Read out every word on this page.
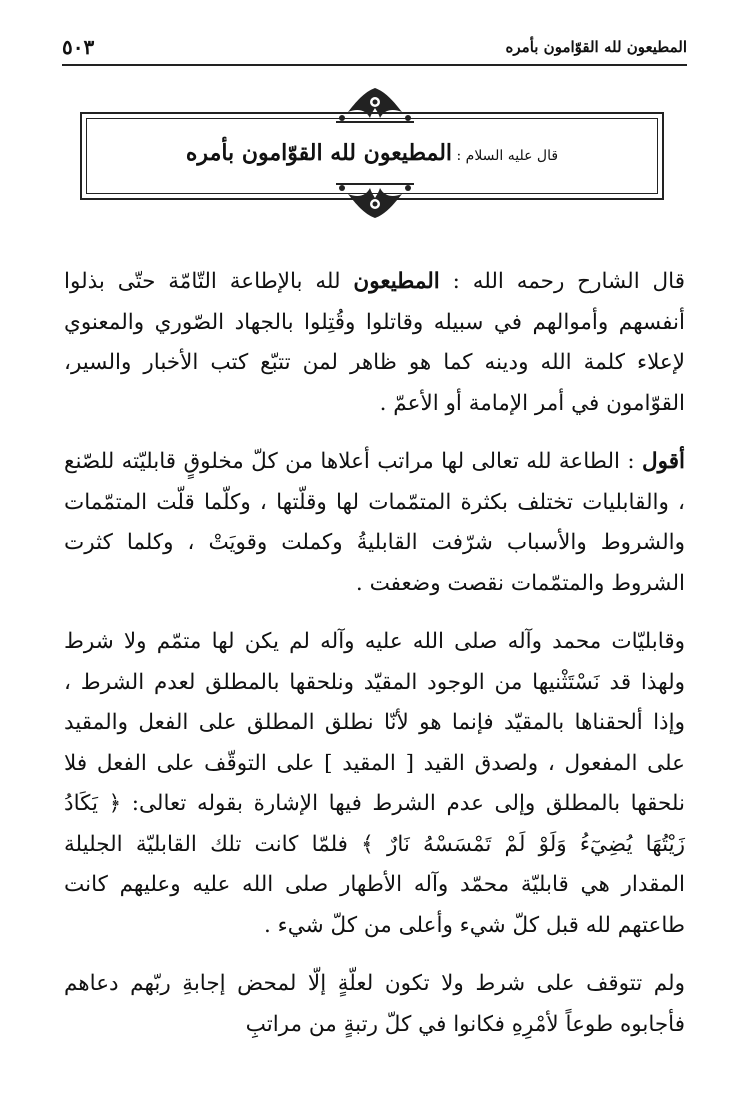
٥٠٣	المطيعون لله القوّامون بأمره
قال عليه السلام : المطيعون لله القوّامون بأمره

قال الشارح رحمه الله : المطيعون لله بالإطاعة التّامّة حتّى بذلوا أنفسهم وأموالهم في سبيله وقاتلوا وقُتِلوا بالجهاد الصّوري والمعنوي لإعلاء كلمة الله ودينه كما هو ظاهر لمن تتبّع كتب الأخبار والسير، القوّامون في أمر الإمامة أو الأعمّ .

أقول : الطاعة لله تعالى لها مراتب أعلاها من كلّ مخلوقٍ قابليّته للصّنع ، والقابليات تختلف بكثرة المتمّمات لها وقلّتها ، وكلّما قلّت المتمّمات والشروط والأسباب شرّفت القابليةُ وكملت وقويَتْ ، وكلما كثرت الشروط والمتمّمات نقصت وضعفت .

وقابليّات محمد وآله صلى الله عليه وآله لم يكن لها متمّم ولا شرط ولهذا قد نَسْتَثْنيها من الوجود المقيّد ونلحقها بالمطلق لعدم الشرط ، وإذا ألحقناها بالمقيّد فإنما هو لأنّا نطلق المطلق على الفعل والمقيد على المفعول ، ولصدق القيد [ المقيد ] على التوقّف على الفعل فلا نلحقها بالمطلق وإلى عدم الشرط فيها الإشارة بقوله تعالى: ﴿ يَكَادُ زَيْتُهَا يُضِيٓءُ وَلَوْ لَمْ تَمْسَسْهُ نَارٌ ﴾ فلمّا كانت تلك القابليّة الجليلة المقدار هي قابليّة محمّد وآله الأطهار صلى الله عليه وعليهم كانت طاعتهم لله قبل كلّ شيء وأعلى من كلّ شيء .

ولم تتوقف على شرط ولا تكون لعلّةٍ إلّا لمحض إجابةِ ربّهم دعاهم فأجابوه طوعاً لأمْرِهِ فكانوا في كلّ رتبةٍ من مراتبِ
